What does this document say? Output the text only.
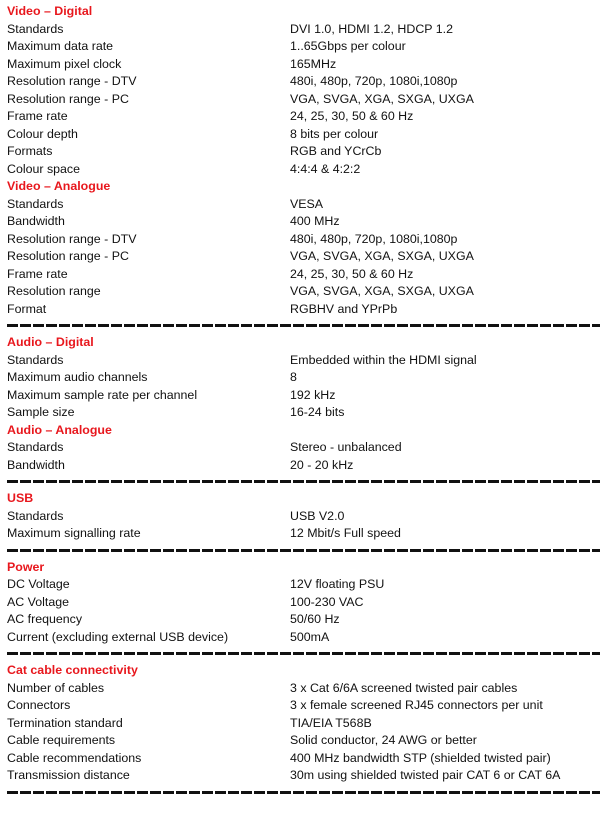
Video – Digital
Standards	DVI 1.0, HDMI 1.2, HDCP 1.2
Maximum data rate	1..65Gbps per colour
Maximum pixel clock	165MHz
Resolution range - DTV	480i, 480p, 720p, 1080i,1080p
Resolution range - PC	VGA, SVGA, XGA, SXGA, UXGA
Frame rate	24, 25, 30, 50 & 60 Hz
Colour depth	8 bits per colour
Formats	RGB and YCrCb
Colour space	4:4:4 & 4:2:2
Video – Analogue
Standards	VESA
Bandwidth	400 MHz
Resolution range - DTV	480i, 480p, 720p, 1080i,1080p
Resolution range - PC	VGA, SVGA, XGA, SXGA, UXGA
Frame rate	24, 25, 30, 50 & 60 Hz
Resolution range	VGA, SVGA, XGA, SXGA, UXGA
Format	RGBHV and YPrPb
Audio – Digital
Standards	Embedded within the HDMI signal
Maximum audio channels	8
Maximum sample rate per channel	192 kHz
Sample size	16-24 bits
Audio – Analogue
Standards	Stereo - unbalanced
Bandwidth	20 - 20 kHz
USB
Standards	USB V2.0
Maximum signalling rate	12 Mbit/s Full speed
Power
DC Voltage	12V floating PSU
AC Voltage	100-230 VAC
AC frequency	50/60 Hz
Current (excluding external USB device)	500mA
Cat cable connectivity
Number of cables	3 x Cat 6/6A screened twisted pair cables
Connectors	3 x female screened RJ45 connectors per unit
Termination standard	TIA/EIA T568B
Cable requirements	Solid conductor, 24 AWG or better
Cable recommendations	400 MHz bandwidth STP (shielded twisted pair)
Transmission distance	30m using shielded twisted pair CAT 6 or CAT 6A
